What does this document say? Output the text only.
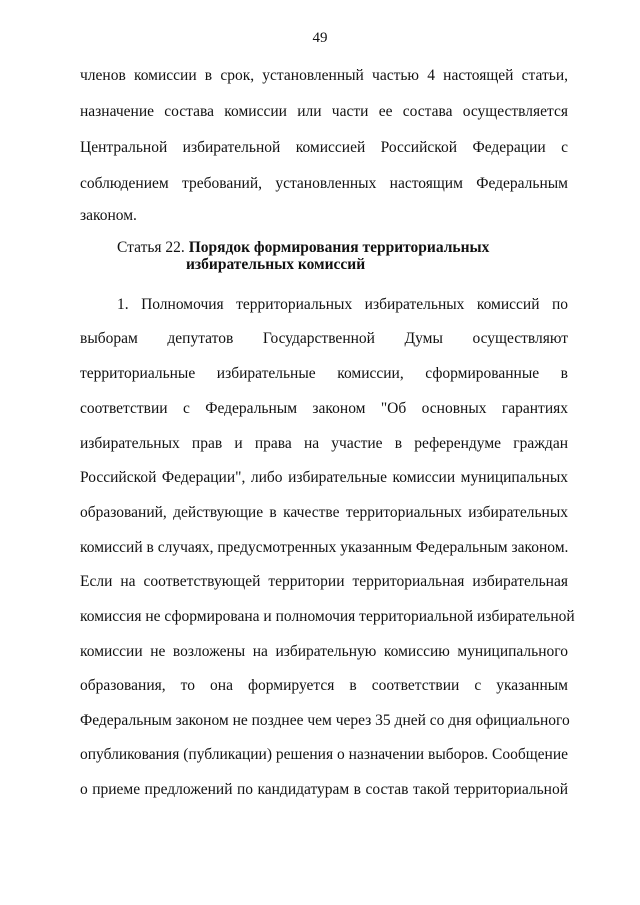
49
членов комиссии в срок, установленный частью 4 настоящей статьи,
назначение состава комиссии или части ее состава осуществляется
Центральной избирательной комиссией Российской Федерации с
соблюдением требований, установленных настоящим Федеральным
законом.
Статья 22. Порядок формирования территориальных
избирательных комиссий
1. Полномочия территориальных избирательных комиссий по
выборам депутатов Государственной Думы осуществляют
территориальные избирательные комиссии, сформированные в
соответствии с Федеральным законом "Об основных гарантиях
избирательных прав и права на участие в референдуме граждан
Российской Федерации", либо избирательные комиссии муниципальных
образований, действующие в качестве территориальных избирательных
комиссий в случаях, предусмотренных указанным Федеральным законом.
Если на соответствующей территории территориальная избирательная
комиссия не сформирована и полномочия территориальной избирательной
комиссии не возложены на избирательную комиссию муниципального
образования, то она формируется в соответствии с указанным
Федеральным законом не позднее чем через 35 дней со дня официального
опубликования (публикации) решения о назначении выборов. Сообщение
о приеме предложений по кандидатурам в состав такой территориальной
